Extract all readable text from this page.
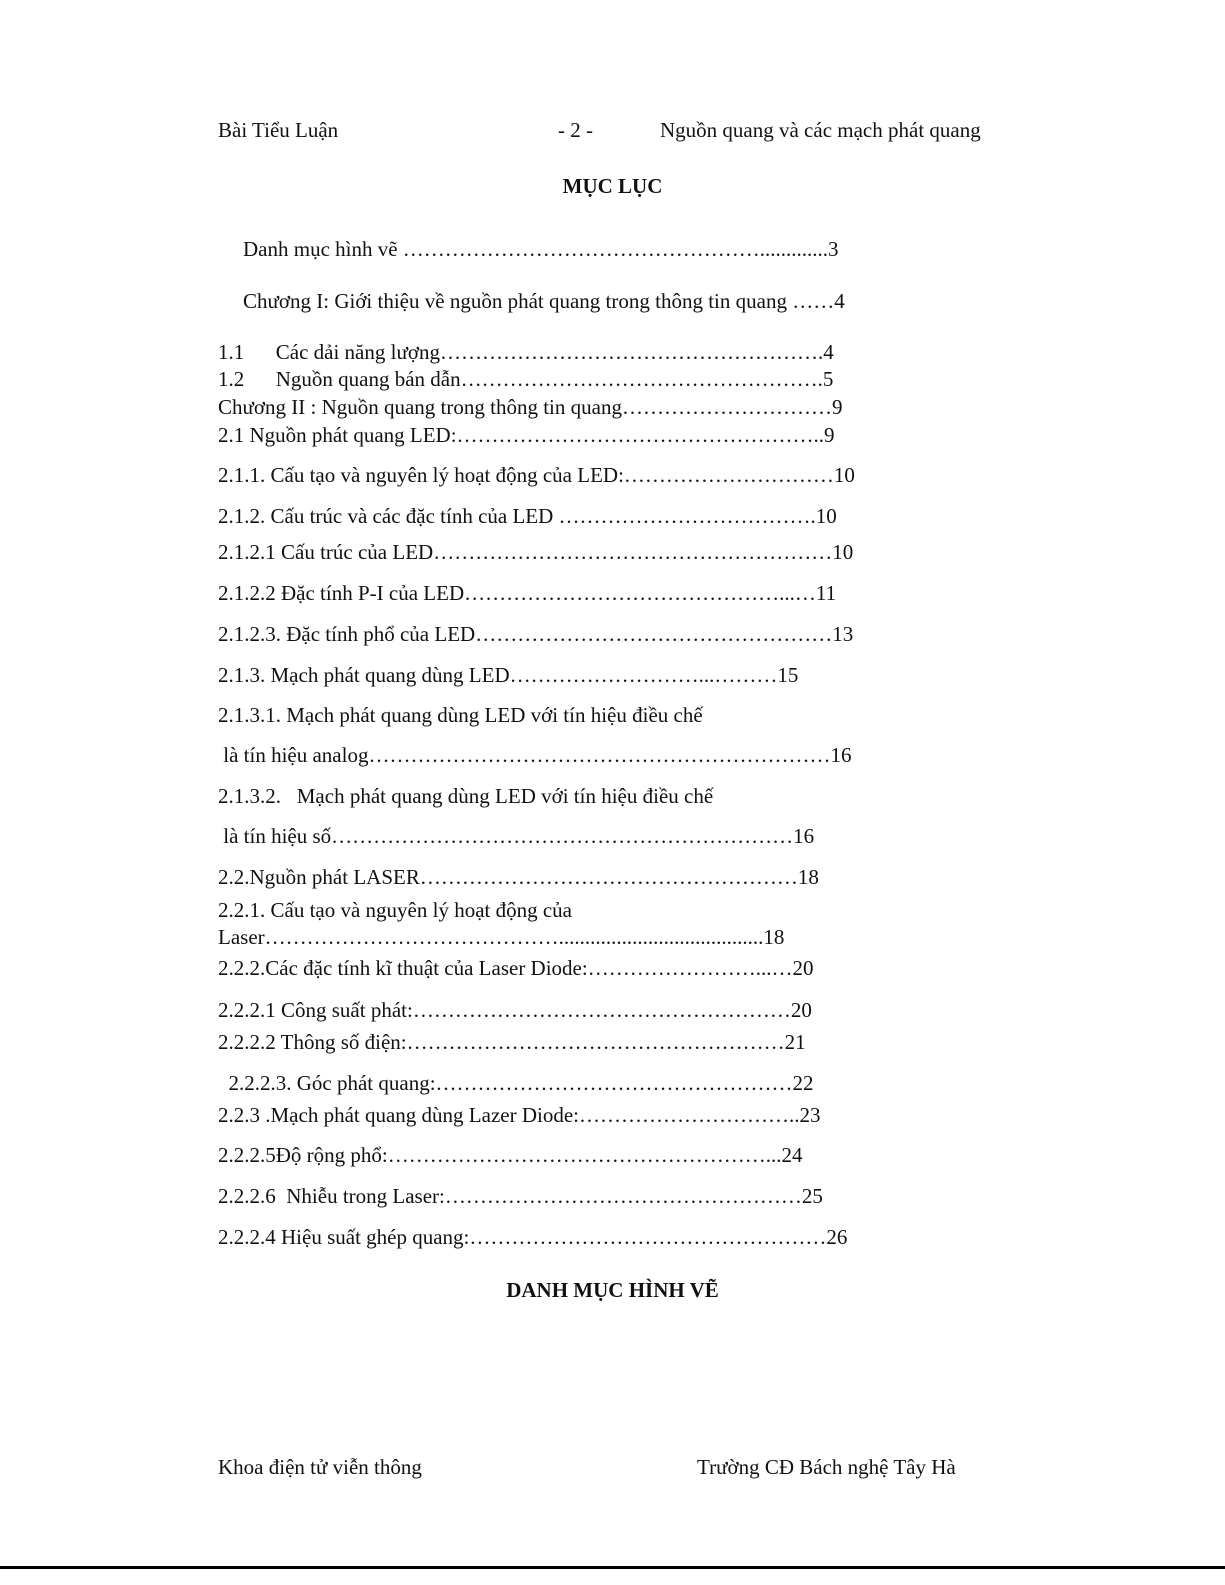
Bài Tiểu Luận	- 2 -	Nguồn quang và các mạch phát quang
MỤC LỤC
Danh mục hình vẽ …………………………………………….............3
Chương I: Giới thiệu về nguồn phát quang trong thông tin quang ……4
1.1      Các dải năng lượng……………………………………………….4
1.2      Nguồn quang bán dẫn…………………………………………….5
Chương II : Nguồn quang trong thông tin quang…………………………9
2.1 Nguồn phát quang LED:……………………………………………..9
2.1.1. Cấu tạo và nguyên lý hoạt động của LED:…………………………10
2.1.2. Cấu trúc và các đặc tính của LED ……………………………….10
2.1.2.1 Cấu trúc của LED…………………………………………………10
2.1.2.2 Đặc tính P-I của LED………………………………………...…11
2.1.2.3. Đặc tính phổ của LED……………………………………………13
2.1.3. Mạch phát quang dùng LED………………………...………15
2.1.3.1. Mạch phát quang dùng LED với tín hiệu điều chế
là tín hiệu analog…………………………………………………………16
2.1.3.2.   Mạch phát quang dùng LED với tín hiệu điều chế
là tín hiệu số…………………………………………………………16
2.2.Nguồn phát LASER………………………………………………18
2.2.1. Cấu tạo và nguyên lý hoạt động của
Laser…………………………………….......................................18
2.2.2.Các đặc tính kĩ thuật của Laser Diode:……………………...…20
2.2.2.1 Công suất phát:………………………………………………20
2.2.2.2 Thông số điện:………………………………………………21
2.2.2.3. Góc phát quang:……………………………………………22
2.2.3 .Mạch phát quang dùng Lazer Diode:…………………………..23
2.2.2.5Độ rộng phổ:………………………………………………...24
2.2.2.6  Nhiễu trong Laser:……………………………………………25
2.2.2.4 Hiệu suất ghép quang:……………………………………………26
DANH MỤC HÌNH VẼ
Khoa điện tử viễn thông	Trường CĐ Bách nghệ Tây Hà
